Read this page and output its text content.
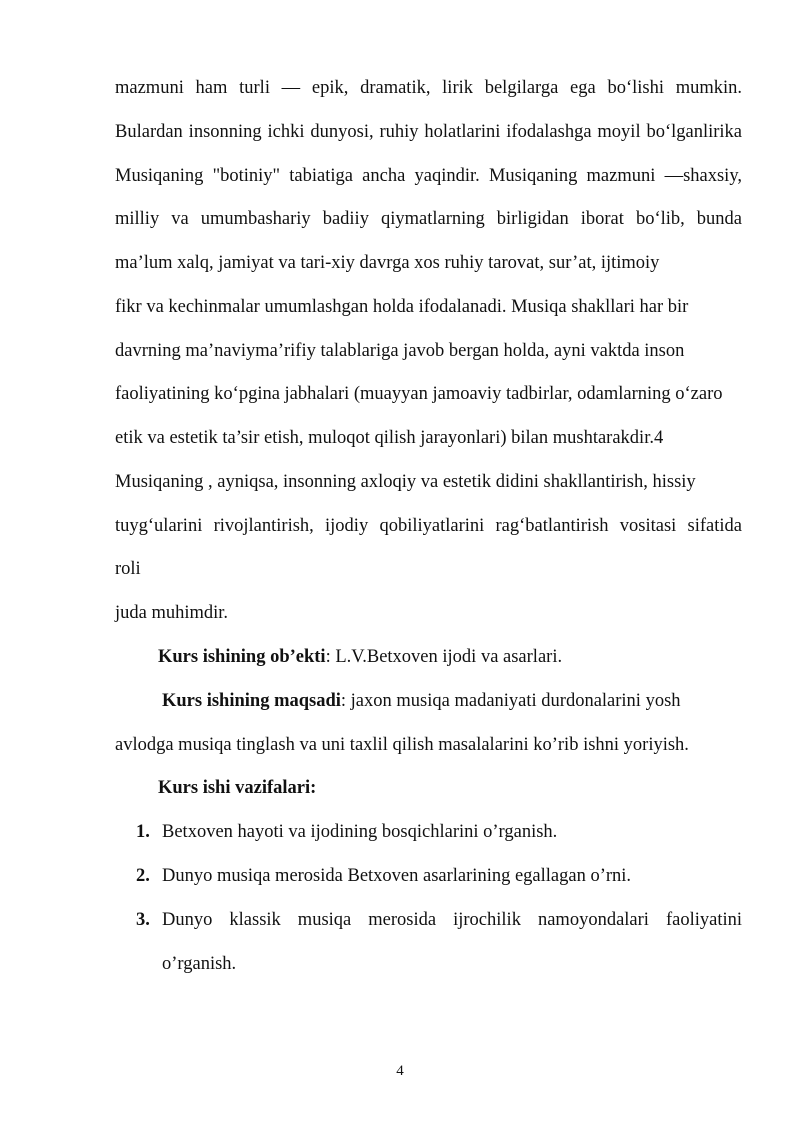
mazmuni ham turli — epik, dramatik, lirik belgilarga ega bo‘lishi mumkin.
Bulardan insonning ichki dunyosi, ruhiy holatlarini ifodalashga moyil bo‘lganlirika
Musiqaning "botiniy" tabiatiga ancha yaqindir. Musiqaning mazmuni —shaxsiy,
milliy va umumbashariy badiiy qiymatlarning birligidan iborat bo‘lib, bunda
ma’lum xalq, jamiyat va tari-xiy davrga xos ruhiy tarovat, sur’at, ijtimoiy
fikr va kechinmalar umumlashgan holda ifodalanadi. Musiqa shakllari har bir
davrning ma’naviyma’rifiy talablariga javob bergan holda, ayni vaktda inson
faoliyatining ko‘pgina jabhalari (muayyan jamoaviy tadbirlar, odamlarning o‘zaro
etik va estetik ta’sir etish, muloqot qilish jarayonlari) bilan mushtarakdir.4
Musiqaning , ayniqsa, insonning axloqiy va estetik didini shakllantirish, hissiy
tuyg‘ularini rivojlantirish, ijodiy qobiliyatlarini rag‘batlantirish vositasi sifatida
roli
juda muhimdir.
Kurs ishining ob’ekti: L.V.Betxoven ijodi va asarlari.
Kurs ishining maqsadi: jaxon musiqa madaniyati durdonalarini yosh
avlodga musiqa tinglash va uni taxlil qilish masalalarini ko’rib ishni yoriyish.
Kurs ishi vazifalari:
1. Betxoven hayoti va ijodining bosqichlarini o’rganish.
2. Dunyo musiqa merosida Betxoven asarlarining egallagan o’rni.
3. Dunyo klassik musiqa merosida ijrochilik namoyondalari faoliyatini
o’rganish.
4
